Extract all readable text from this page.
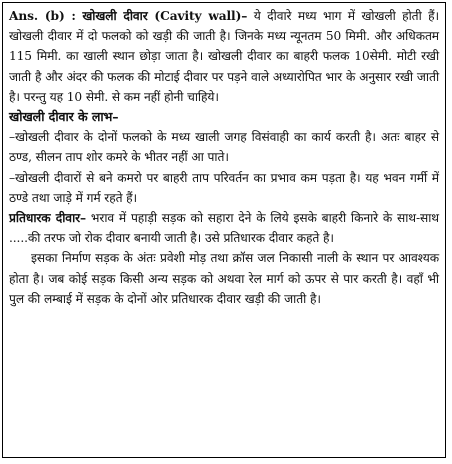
Ans. (b) : खोखली दीवार (Cavity wall)– ये दीवारे मध्य भाग में खोखली होती हैं। खोखली दीवार में दो फलको को खड़ी की जाती है। जिनके मध्य न्यूनतम 50 मिमी. और अधिकतम 115 मिमी. का खाली स्थान छोड़ा जाता है। खोखली दीवार का बाहरी फलक 10सेमी. मोटी रखी जाती है और अंदर की फलक की मोटाई दीवार पर पड़ने वाले अध्यारोपित भार के अनुसार रखी जाती है। परन्तु यह 10 सेमी. से कम नहीं होनी चाहिये।

खोखली दीवार के लाभ–

–खोखली दीवार के दोनों फलको के मध्य खाली जगह विसंवाही का कार्य करती है। अतः बाहर से ठण्ड, सीलन ताप शोर कमरे के भीतर नहीं आ पाते।

–खोखली दीवारों से बने कमरो पर बाहरी ताप परिवर्तन का प्रभाव कम पड़ता है। यह भवन गर्मी में ठण्डे तथा जाड़े में गर्म रहते हैं।

प्रतिधारक दीवार– भराव में पहाड़ी सड़क को सहारा देने के लिये इसके बाहरी किनारे के साथ-साथ .....की तरफ जो रोक दीवार बनायी जाती है। उसे प्रतिधारक दीवार कहते है।

इसका निर्माण सड़क के अंतः प्रवेशी मोड़ तथा क्रॉस जल निकासी नाली के स्थान पर आवश्यक होता है। जब कोई सड़क किसी अन्य सड़क को अथवा रेल मार्ग को ऊपर से पार करती है। वहाँ भी पुल की लम्बाई में सड़क के दोनों ओर प्रतिधारक दीवार खड़ी की जाती है।
